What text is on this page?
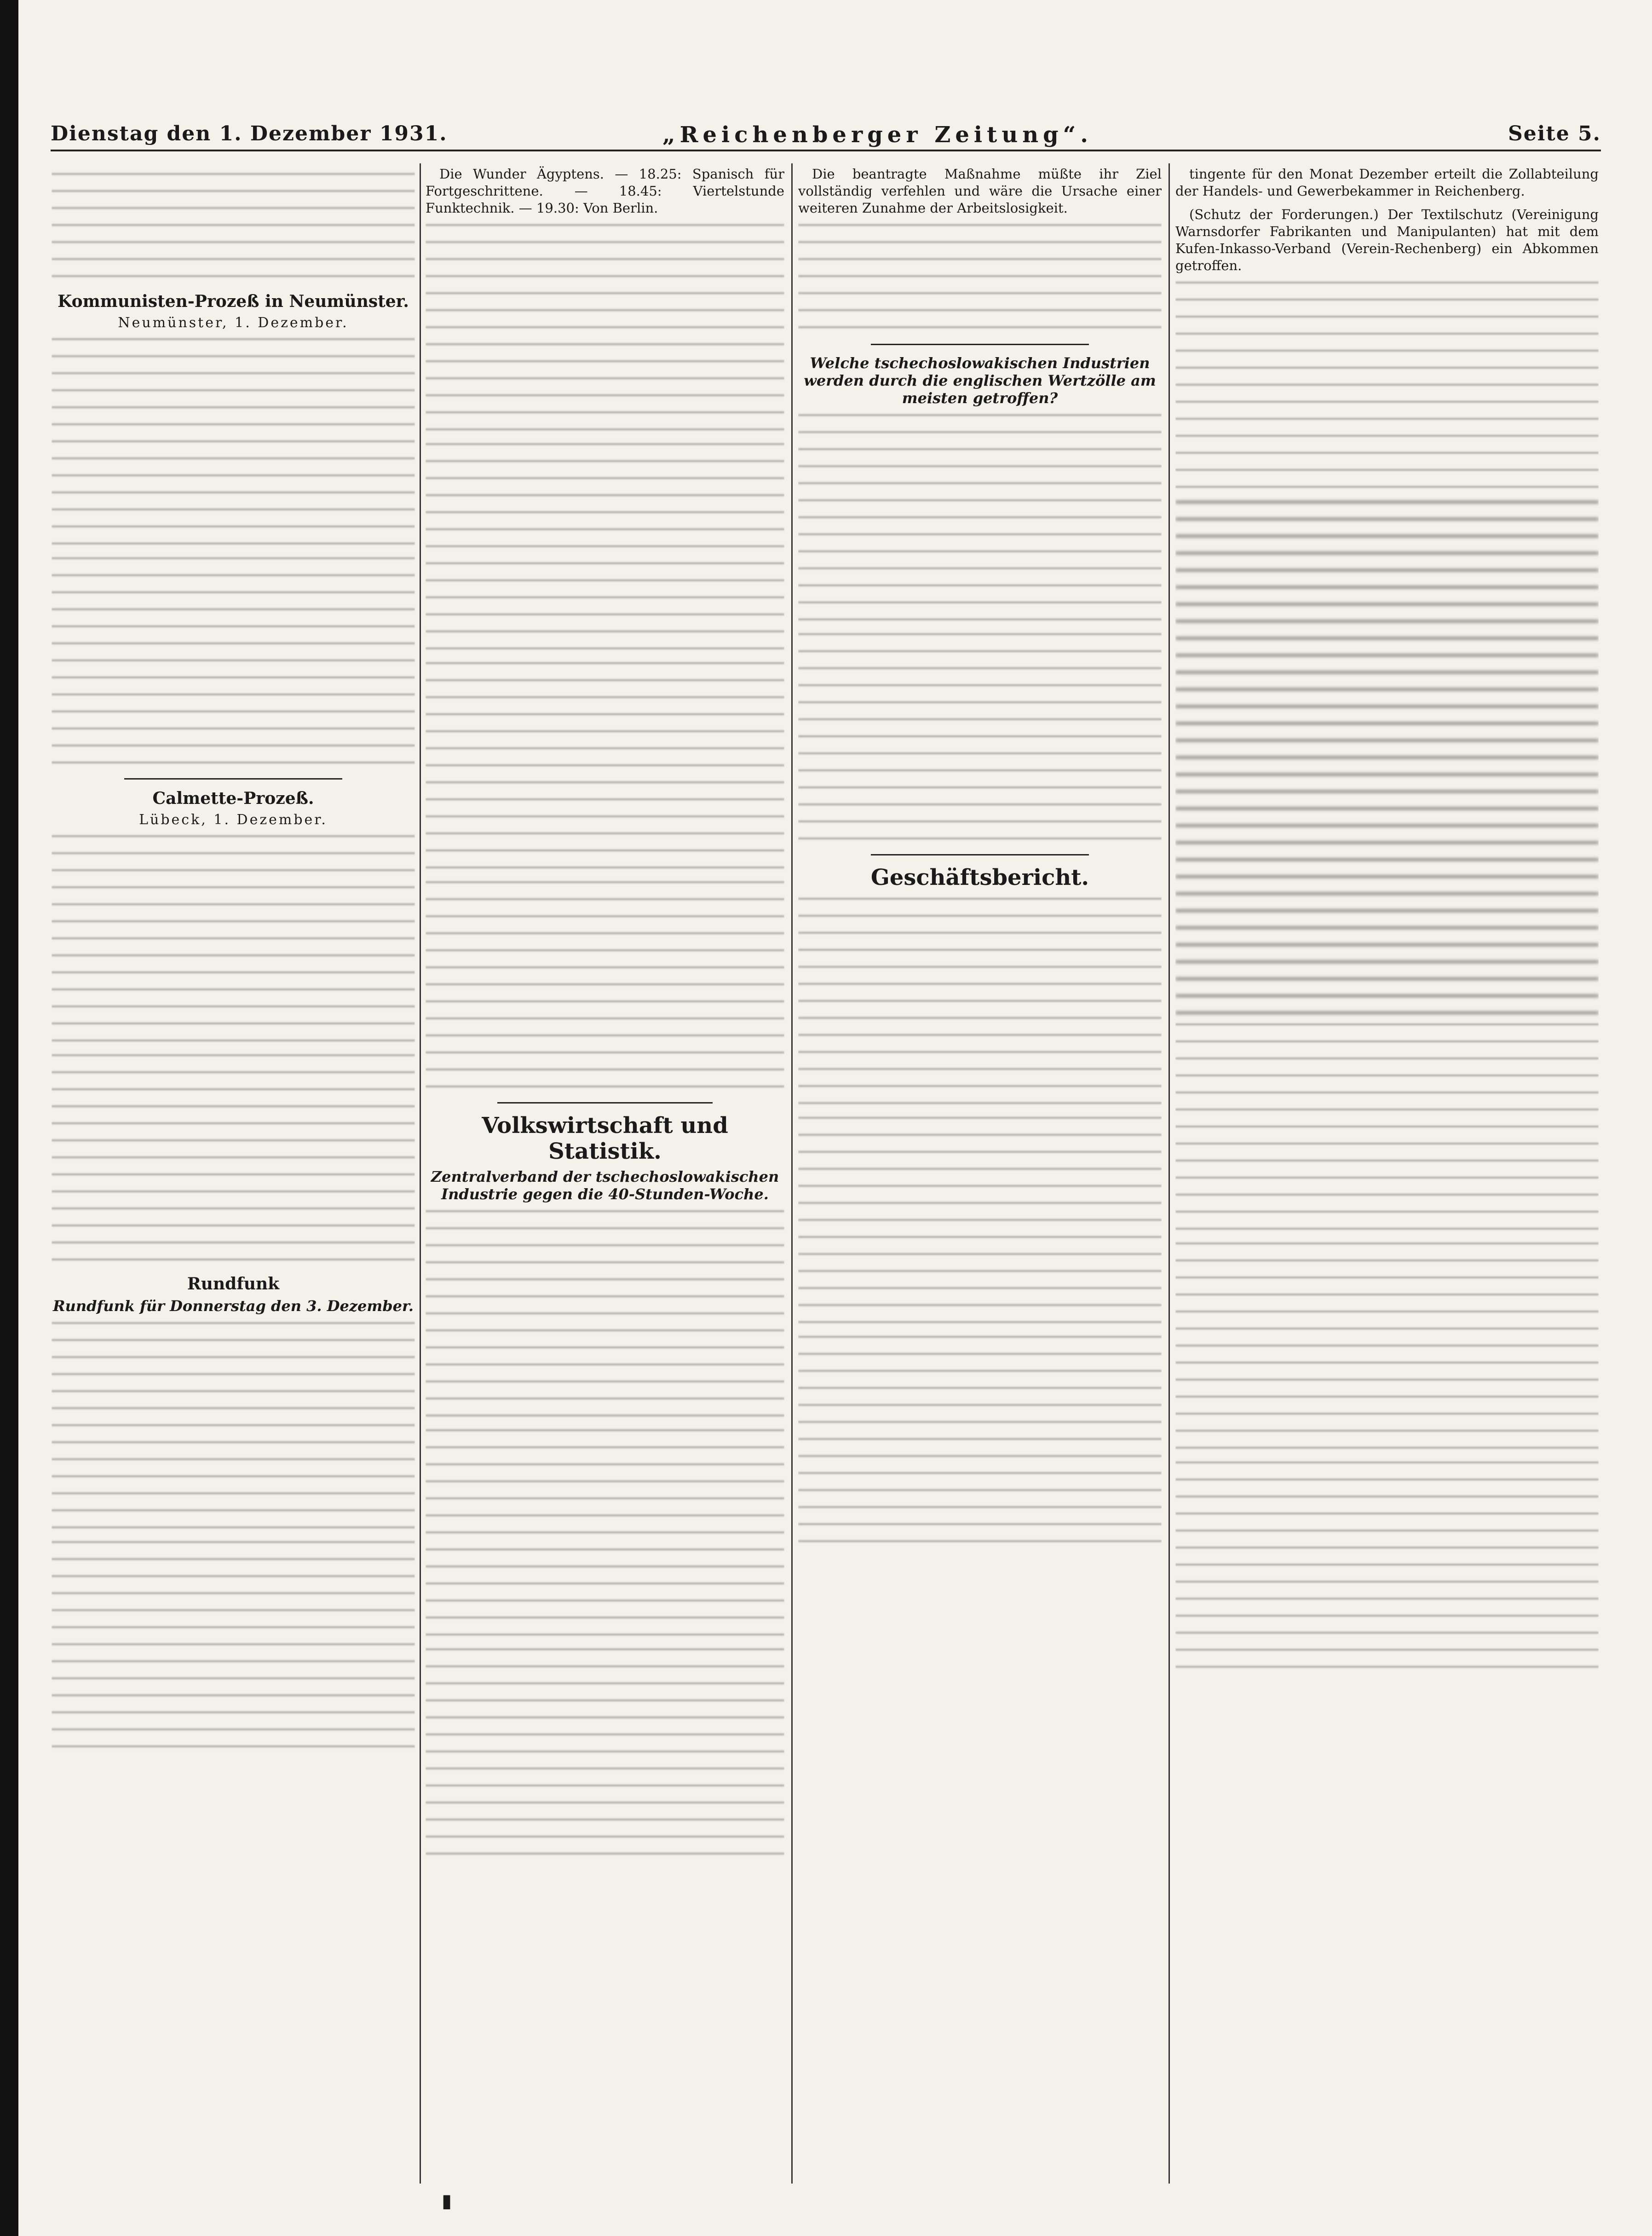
Dienstag den 1. Dezember 1931.	„Reichenberger Zeitung“.	Seite 5.
Kommunisten-Prozeß in Neumünster.
Neumünster, 1. Dezember.
Calmette-Prozeß.
Lübeck, 1. Dezember.
Rundfunk
Rundfunk für Donnerstag den 3. Dezember.

Die Wunder Ägyptens. — 18.25: Spanisch für Fortgeschrittene. — 18.45: Viertelstunde Funktechnik. — 19.30: Von Berlin.

Volkswirtschaft und Statistik.
Zentralverband der tschechoslowakischen Industrie gegen die 40-Stunden-Woche.

Die beantragte Maßnahme müßte ihr Ziel vollständig verfehlen und wäre die Ursache einer weiteren Zunahme der Arbeitslosigkeit.

Welche tschechoslowakischen Industrien werden durch die englischen Wertzölle am meisten getroffen?
Geschäftsbericht.

tingente für den Monat Dezember erteilt die Zollabteilung der Handels- und Gewerbekammer in Reichenberg.

(Schutz der Forderungen.) Der Textilschutz (Vereinigung Warnsdorfer Fabrikanten und Manipulanten) hat mit dem Kufen-Inkasso-Verband (Verein-Rechenberg) ein Abkommen getroffen.

▮
